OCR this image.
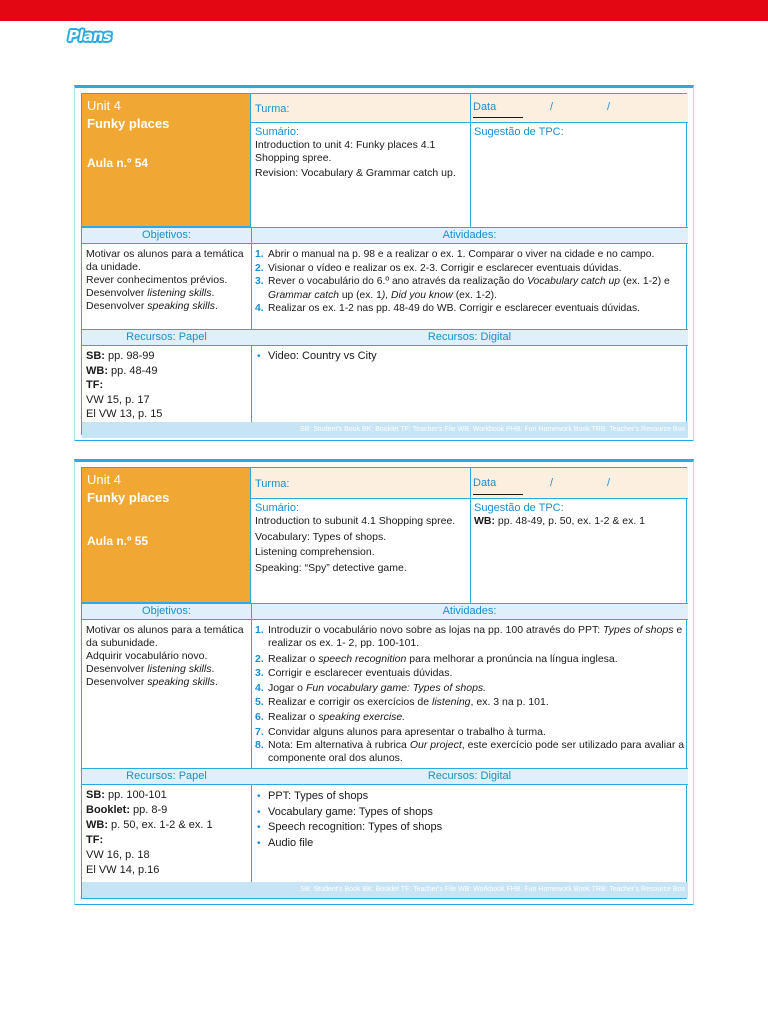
Plans
Unit 4
Funky places
Aula n.º 54
Turma:	Data	/	/
Sumário:

Introduction to unit 4: Funky places 4.1 Shopping spree.

Revision: Vocabulary & Grammar catch up.

Sugestão de TPC:
Objetivos:	Atividades:

Motivar os alunos para a temática da unidade.

Rever conhecimentos prévios.

Desenvolver listening skills.

Desenvolver speaking skills.

1. Abrir o manual na p. 98 e a realizar o ex. 1. Comparar o viver na cidade e no campo.
2. Visionar o vídeo e realizar os ex. 2-3. Corrigir e esclarecer eventuais dúvidas.
3. Rever o vocabulário do 6.º ano através da realização do Vocabulary catch up (ex. 1-2) e Grammar catch up (ex. 1), Did you know (ex. 1-2).
4. Realizar os ex. 1-2 nas pp. 48-49 do WB. Corrigir e esclarecer eventuais dúvidas.
Recursos: Papel	Recursos: Digital

SB: pp. 98-99

WB: pp. 48-49

TF:

VW 15, p. 17

El VW 13, p. 15

• Video: Country vs City
SB: Student's Book BK: Booklet TF: Teacher's File WB: Workbook PHB: Fun Homework Book TRB: Teacher's Resource Box
Unit 4
Funky places
Aula n.º 55
Turma:	Data	/	/
Sumário:

Introduction to subunit 4.1 Shopping spree.

Vocabulary: Types of shops.

Listening comprehension.

Speaking: “Spy” detective game.

Sugestão de TPC:

WB: pp. 48-49, p. 50, ex. 1-2 & ex. 1

Objetivos:	Atividades:

Motivar os alunos para a temática da subunidade.

Adquirir vocabulário novo.

Desenvolver listening skills.

Desenvolver speaking skills.

1. Introduzir o vocabulário novo sobre as lojas na pp. 100 através do PPT: Types of shops e realizar os ex. 1- 2, pp. 100-101.
2. Realizar o speech recognition para melhorar a pronúncia na língua inglesa.
3. Corrigir e esclarecer eventuais dúvidas.
4. Jogar o Fun vocabulary game: Types of shops.
5. Realizar e corrigir os exercícios de listening, ex. 3 na p. 101.
6. Realizar o speaking exercise.
7. Convidar alguns alunos para apresentar o trabalho à turma.
8. Nota: Em alternativa à rubrica Our project, este exercício pode ser utilizado para avaliar a componente oral dos alunos.
Recursos: Papel	Recursos: Digital

SB: pp. 100-101

Booklet: pp. 8-9

WB: p. 50, ex. 1-2 & ex. 1

TF:

VW 16, p. 18

El VW 14, p.16

• PPT: Types of shops
• Vocabulary game: Types of shops
• Speech recognition: Types of shops
• Audio file
SB: Student's Book BK: Booklet TF: Teacher's File WB: Workbook FHB: Fun Homework Book TRB: Teacher's Resource Box
